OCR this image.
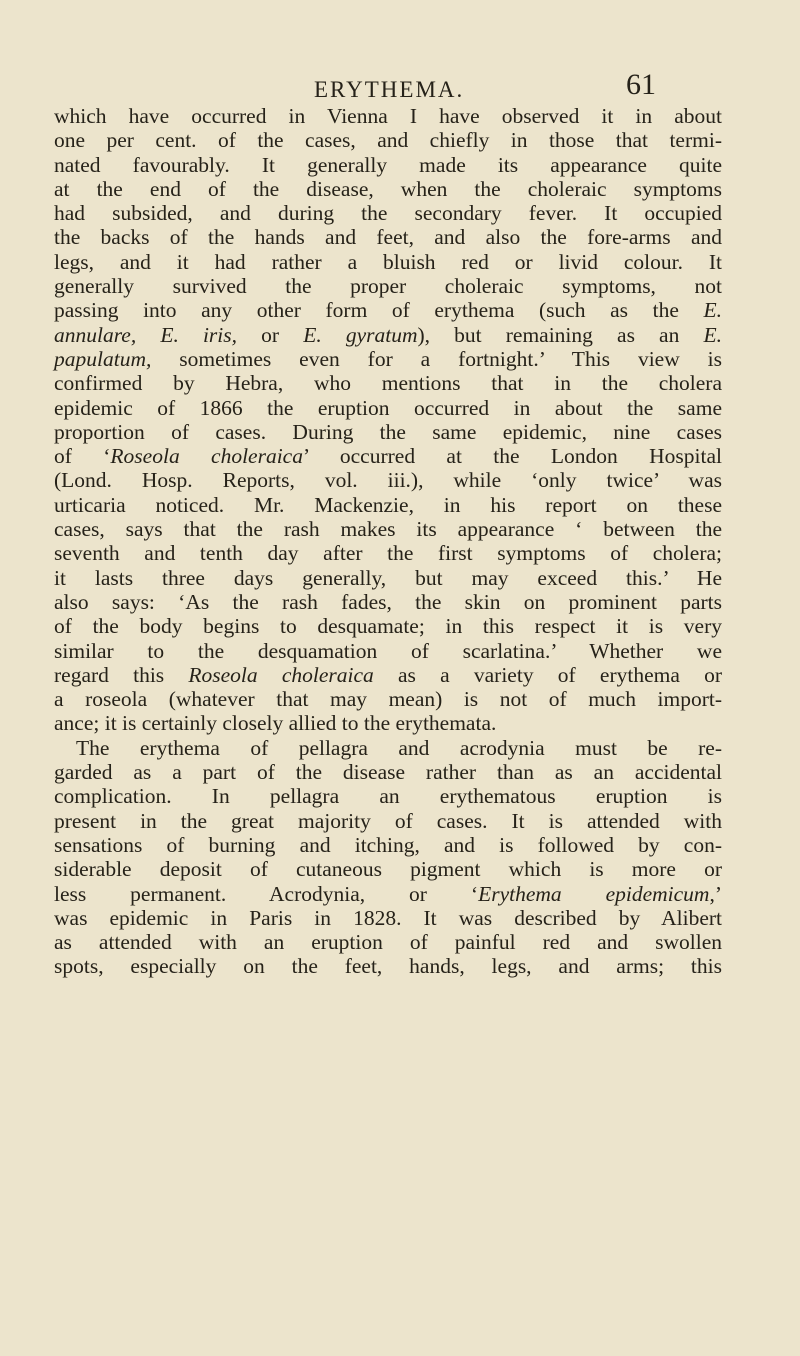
ERYTHEMA.	61
which have occurred in Vienna I have observed it in about
one per cent. of the cases, and chiefly in those that termi-
nated favourably. It generally made its appearance quite
at the end of the disease, when the choleraic symptoms
had subsided, and during the secondary fever. It occupied
the backs of the hands and feet, and also the fore-arms and
legs, and it had rather a bluish red or livid colour. It
generally survived the proper choleraic symptoms, not
passing into any other form of erythema (such as the E.
annulare, E. iris, or E. gyratum), but remaining as an E.
papulatum, sometimes even for a fortnight.’ This view is
confirmed by Hebra, who mentions that in the cholera
epidemic of 1866 the eruption occurred in about the same
proportion of cases. During the same epidemic, nine cases
of ‘Roseola choleraica’ occurred at the London Hospital
(Lond. Hosp. Reports, vol. iii.), while ‘only twice’ was
urticaria noticed. Mr. Mackenzie, in his report on these
cases, says that the rash makes its appearance ‘ between the
seventh and tenth day after the first symptoms of cholera;
it lasts three days generally, but may exceed this.’ He
also says: ‘As the rash fades, the skin on prominent parts
of the body begins to desquamate; in this respect it is very
similar to the desquamation of scarlatina.’ Whether we
regard this Roseola choleraica as a variety of erythema or
a roseola (whatever that may mean) is not of much import-
ance; it is certainly closely allied to the erythemata.
The erythema of pellagra and acrodynia must be re-
garded as a part of the disease rather than as an accidental
complication. In pellagra an erythematous eruption is
present in the great majority of cases. It is attended with
sensations of burning and itching, and is followed by con-
siderable deposit of cutaneous pigment which is more or
less permanent. Acrodynia, or ‘Erythema epidemicum,’
was epidemic in Paris in 1828. It was described by Alibert
as attended with an eruption of painful red and swollen
spots, especially on the feet, hands, legs, and arms; this
